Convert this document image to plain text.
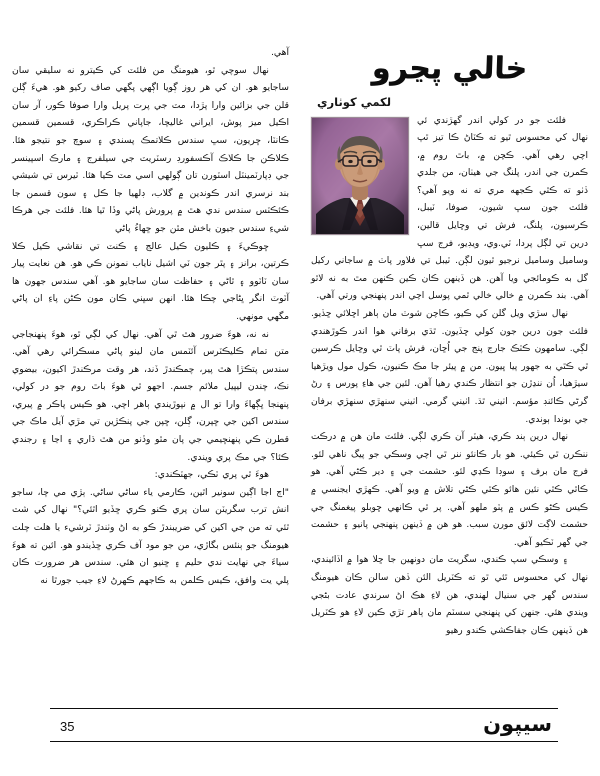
خالي پڃرو
لکمي کوٺاري

فلئٽ جو در کولي اندر گهڙندي ئي نهال کي محسوس ٿيو ته ڪٽاڻ ڪا تيز ٿپ اچي رهي آهي. ڪچن ۾، باٿ روم ۾، ڪمرن جي اندر، پلنگ جي هيٺان، من جلدي ڏٺو ته ڪٿي ڪجهه مري ته نه ويو آهي؟ فلئٽ جون سڀ شيون، صوفا، ٽيبل، ڪرسيون، پلنگ، فرش تي وڇايل قالين، درين تي لڳل پردا، ٽي.وي، ويڊيو، فرج سڀ وساميل وساميل نرجيو ٿيون لڳن. ٽيبل تي فلاور پاٽ ۾ ساجاني رکيل گل به ڪومائجي ويا آهن. هن ڏينهن ڪان ڪين ڪنهن مٿ به نه لاٿو آهي. بند ڪمرن ۾ خالي خالي ٿمي پوسل اچي اندر پنهنجي ورتي آهي.

نهال سڙي ويل گلن کي ڪيو، ڪاچن شوٽ مان ٻاهر اڇلائي ڇڏيو. فلئٽ جون درين جون کولي ڇڏيون. ٿڌي برفاني هوا اندر ڪوڙهندي لڳي. سامهون ڪٽڪ جارج پنج جي اُڇان، فرش پاٽ ٿي وڇايل ڪرسين ٿي ڪٿي به جهور پيا ڀيون. من ۾ پيئر جا مڪ ڪنيون، ڪول مول ويڙهيا سيڙهيا، اُن ننڍڙن جو انتظار ڪندي رهيا آهن. لئين جي هاءِ پورس ۽ رڻ گرڻي ڪائنڊ مؤسم. اٺيني ٿڌ. اٺيني گرمي. اٺيني سنهڙي سنهڙي برفان جي بوندا ٻوندي.

نهال درين ٻند ڪري، هيٽر آن ڪري لڳي. فلئٽ مان هن ۾ درڪت ننڪرن ٿي ڪيئي. هو بار ڪانئو ننر ٿي اچي وسڪي جو پيگ ناهي لئو. فرج مان برف ۽ سوڊا ڪڍي لئو. حشمت جي ۽ دير ڪڻي آهي. هو ڪاٿي ڪٿي نئين هائو ڪٿي ڪڻي تلاش ۾ ويو آهي. ڪهڙي ايجنسي ۾ ڪيس ڪڻو ڪس ۾ پٽو ملهو آهي. پر ٿي ڪانهي ڇوبلو پيغمنگ جي حشمت لاڳت لائق مورن سبب. هو هن ۾ ڏينهن پنهنجي پانيو ۽ حشمت جي گهر ٽڪيو آهي.

۽ وسڪي سپ ڪندي، سگريٽ مان دونهين جا ڇلا هوا ۾ اڏائيندي، نهال کي محسوس ٿئي ٿو ته ڪٽريل الئن ڏهن سالن ڪان هيومنگ سندس گهر جي سنيال لهندي، هن لاءِ هڪ اڻ سرندي عادت بڻجي ويندي هئي. جنهن کي پنهنجي سسٽم مان ٻاهر تڙي ڪين لاءِ هو ڪٽريل هن ڏينهن ڪان جفاڪشي ڪندو رهيو

آهي.

نهال سوچي ٿو، هيومنگ من فلئٽ کي ڪيترو نه سليقي سان ساجايو هو. ان کي هر روز ڳويا اڳهي پگهي صاف رکيو هو. هيءَ ڳلن قلن جي بزائين وارا پڙدا، مٽ جي پرت پريل وارا صوفا ڪور، آر سان اڪيل ميز پوش، ايراني غاليچا، جاپاني ڪراڪري، قسمين قسمين ڪانٽا، ڇريون، سڀ سندس ڪلاتمڪ پسندي ۽ سوچ جو نتيجو هئا. ڪلاڪن جا ڪلاڪ آڪسفورڊ رسٽريٽ جي سيلفرج ۽ مارڪ اسپينسر جي ڊپارٽمينٽل اسٽورن تان ڳولهي اسي مٽ ڪيا هئا. ٽيرس تي شيشي بند نرسري اندر ڪوندين ۾ گلاب، ڊلهيا جا ڪل ۽ سون قسمن جا ڪئڪٽس سندس ندي هٿ ۾ پرورش پاڻي وڏا ٿيا هئا. فلئٽ جي هرڪا شيءِ سندس جيون باخش مٿن جو ڇهاءُ پاڻي

ڇوڪيءَ ۽ ڪليون ڪيل عالج ۽ ڪنٽ تي نقاشي ڪيل ڪلا ڪرتين، برانز ۽ پٿر جون ٽي اشيل ناياب نمونن ڪي هو. هن نعايت پيار سان ٽاٽوو ۽ ٿاڻي ۽ حفاظت سان ساجايو هو. آهي سندس جهون ها آٽوٽ انگر ڀڻاجي چڪا هئا. انهن سڀني ڪان مون ڪڻن پاءِ ان پاڻي مگهي مونهي.

نه نه، هوءَ ضرور هٿ ٿي آهي. نهال کي لڳي ٿو، هوءَ پنهنجاجي متن تمام ڪليڪٽرس آئٽمس مان لينو پاڻي مسڪرائي رهي آهي. سندس پتڪڙا هٿ پير، چمڪندڙ ڏند، هر وقت مرڪندڙ اکيون، بيضوي نڪ، چندن ليپيل ملائم جسم. اجهو ٿي هوءَ باٿ روم جو در کولي، پنهنجا ڀڳهاءَ وارا تو ال ۾ نپوڙيندي ٻاهر اچي. هو ڪيس پاڪر ۾ پيري، سندس اکين جي ڇپرن، ڳلن، ڇپن جي پنڪڙين تي مڙي آيل ماڪ جي قطرن ڪي پنهنڇيمي جي پان مٿو وڏنو من هٿ ڌاري ۽ اڃا ۽ رجندي ڪئا؟ جي مڪ پري ويندي.

هوءَ ٿي پري ٽڪي، جهٽڪندي:

"اڄ اجا اڳين سونير اٿين، ڪارمي ياء ساڻي ساڻي. ٻڙي مي چا، ساجو انش ترب سگريٽن سان پري ڪنو ڪري ڇڏيو اٿئي؟" نهال کي شٽ ٿئي ته من جي اکين کي ضريبندڙ ڪو به اڻ وٺندڙ ٽرشيء يا هلت چلت هيومنگ جو ٻنئس بگاڙي، من جو مود آف ڪري ڇڏيندو هو. ائين ته هوءَ سياءَ جي نهايت ندي حليم ۽ ڇنيو ان هئي. سندس هر ضرورت ڪان پلي يت وافق، ڪيس ڪلمن به ڪاجهم ڪهرڻ لاءِ جيب جورٿا نه

35	سيپون
